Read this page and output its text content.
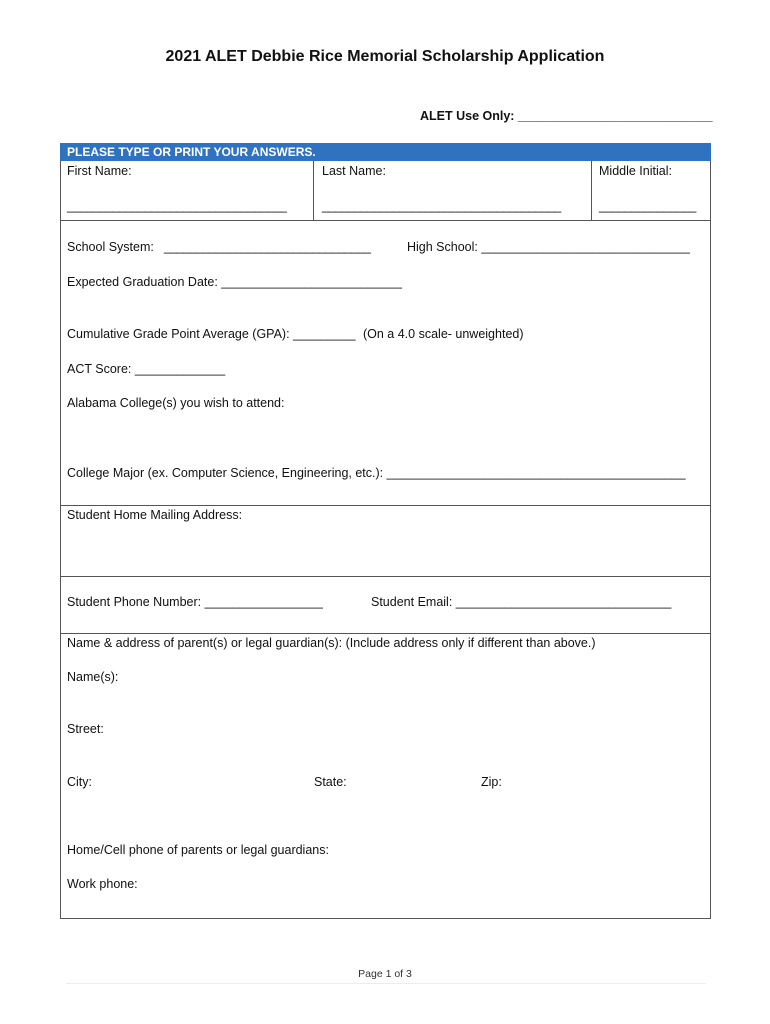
2021 ALET Debbie Rice Memorial Scholarship Application
ALET Use Only: ____________________________
PLEASE TYPE OR PRINT YOUR ANSWERS.
First Name:	Last Name:	Middle Initial:
__________________________________	_____________________________________	_______________
School System: ________________________________	High School: ______________________________
Expected Graduation Date: __________________________
Cumulative Grade Point Average (GPA): _________ (On a 4.0 scale- unweighted)
ACT Score: _____________
Alabama College(s) you wish to attend:
College Major (ex. Computer Science, Engineering, etc.): ___________________________________________
Student Home Mailing Address:
Student Phone Number: _________________	Student Email: _______________________________
Name & address of parent(s) or legal guardian(s): (Include address only if different than above.)
Name(s):
Street:
City:	State:	Zip:
Home/Cell phone of parents or legal guardians:
Work phone:
Page 1 of 3
